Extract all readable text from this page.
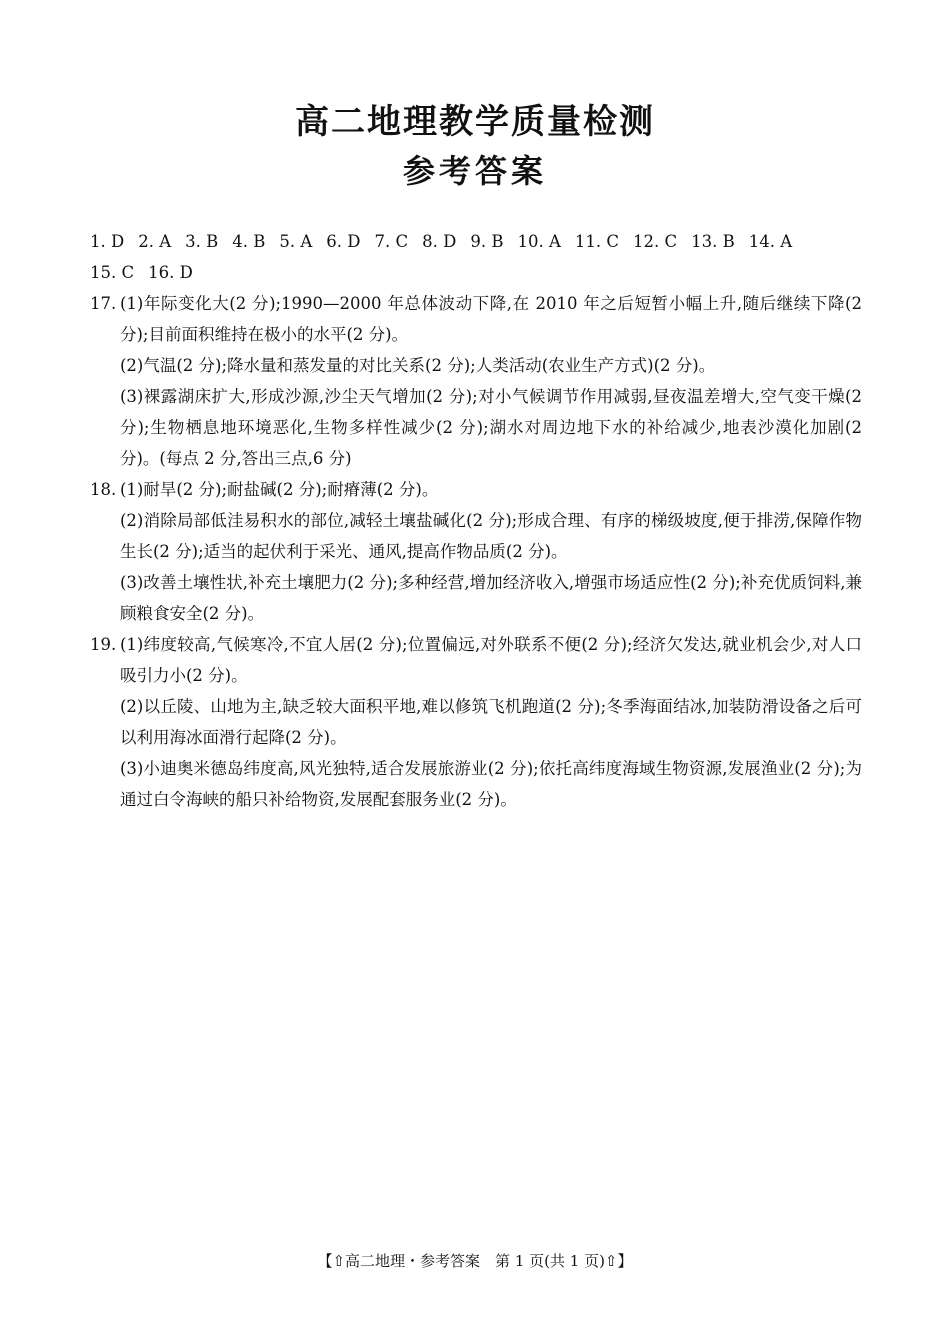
高二地理教学质量检测
参考答案
1. D 2. A 3. B 4. B 5. A 6. D 7. C 8. D 9. B 10. A 11. C 12. C 13. B 14. A
15. C 16. D
17. (1)年际变化大(2 分);1990—2000 年总体波动下降,在 2010 年之后短暂小幅上升,随后继续下降(2 分);目前面积维持在极小的水平(2 分)。
(2)气温(2 分);降水量和蒸发量的对比关系(2 分);人类活动(农业生产方式)(2 分)。
(3)裸露湖床扩大,形成沙源,沙尘天气增加(2 分);对小气候调节作用减弱,昼夜温差增大,空气变干燥(2 分);生物栖息地环境恶化,生物多样性减少(2 分);湖水对周边地下水的补给减少,地表沙漠化加剧(2 分)。(每点 2 分,答出三点,6 分)
18. (1)耐旱(2 分);耐盐碱(2 分);耐瘠薄(2 分)。
(2)消除局部低洼易积水的部位,减轻土壤盐碱化(2 分);形成合理、有序的梯级坡度,便于排涝,保障作物生长(2 分);适当的起伏利于采光、通风,提高作物品质(2 分)。
(3)改善土壤性状,补充土壤肥力(2 分);多种经营,增加经济收入,增强市场适应性(2 分);补充优质饲料,兼顾粮食安全(2 分)。
19. (1)纬度较高,气候寒冷,不宜人居(2 分);位置偏远,对外联系不便(2 分);经济欠发达,就业机会少,对人口吸引力小(2 分)。
(2)以丘陵、山地为主,缺乏较大面积平地,难以修筑飞机跑道(2 分);冬季海面结冰,加装防滑设备之后可以利用海冰面滑行起降(2 分)。
(3)小迪奥米德岛纬度高,风光独特,适合发展旅游业(2 分);依托高纬度海域生物资源,发展渔业(2 分);为通过白令海峡的船只补给物资,发展配套服务业(2 分)。
【⇧高二地理・参考答案　第 1 页(共 1 页)⇧】
